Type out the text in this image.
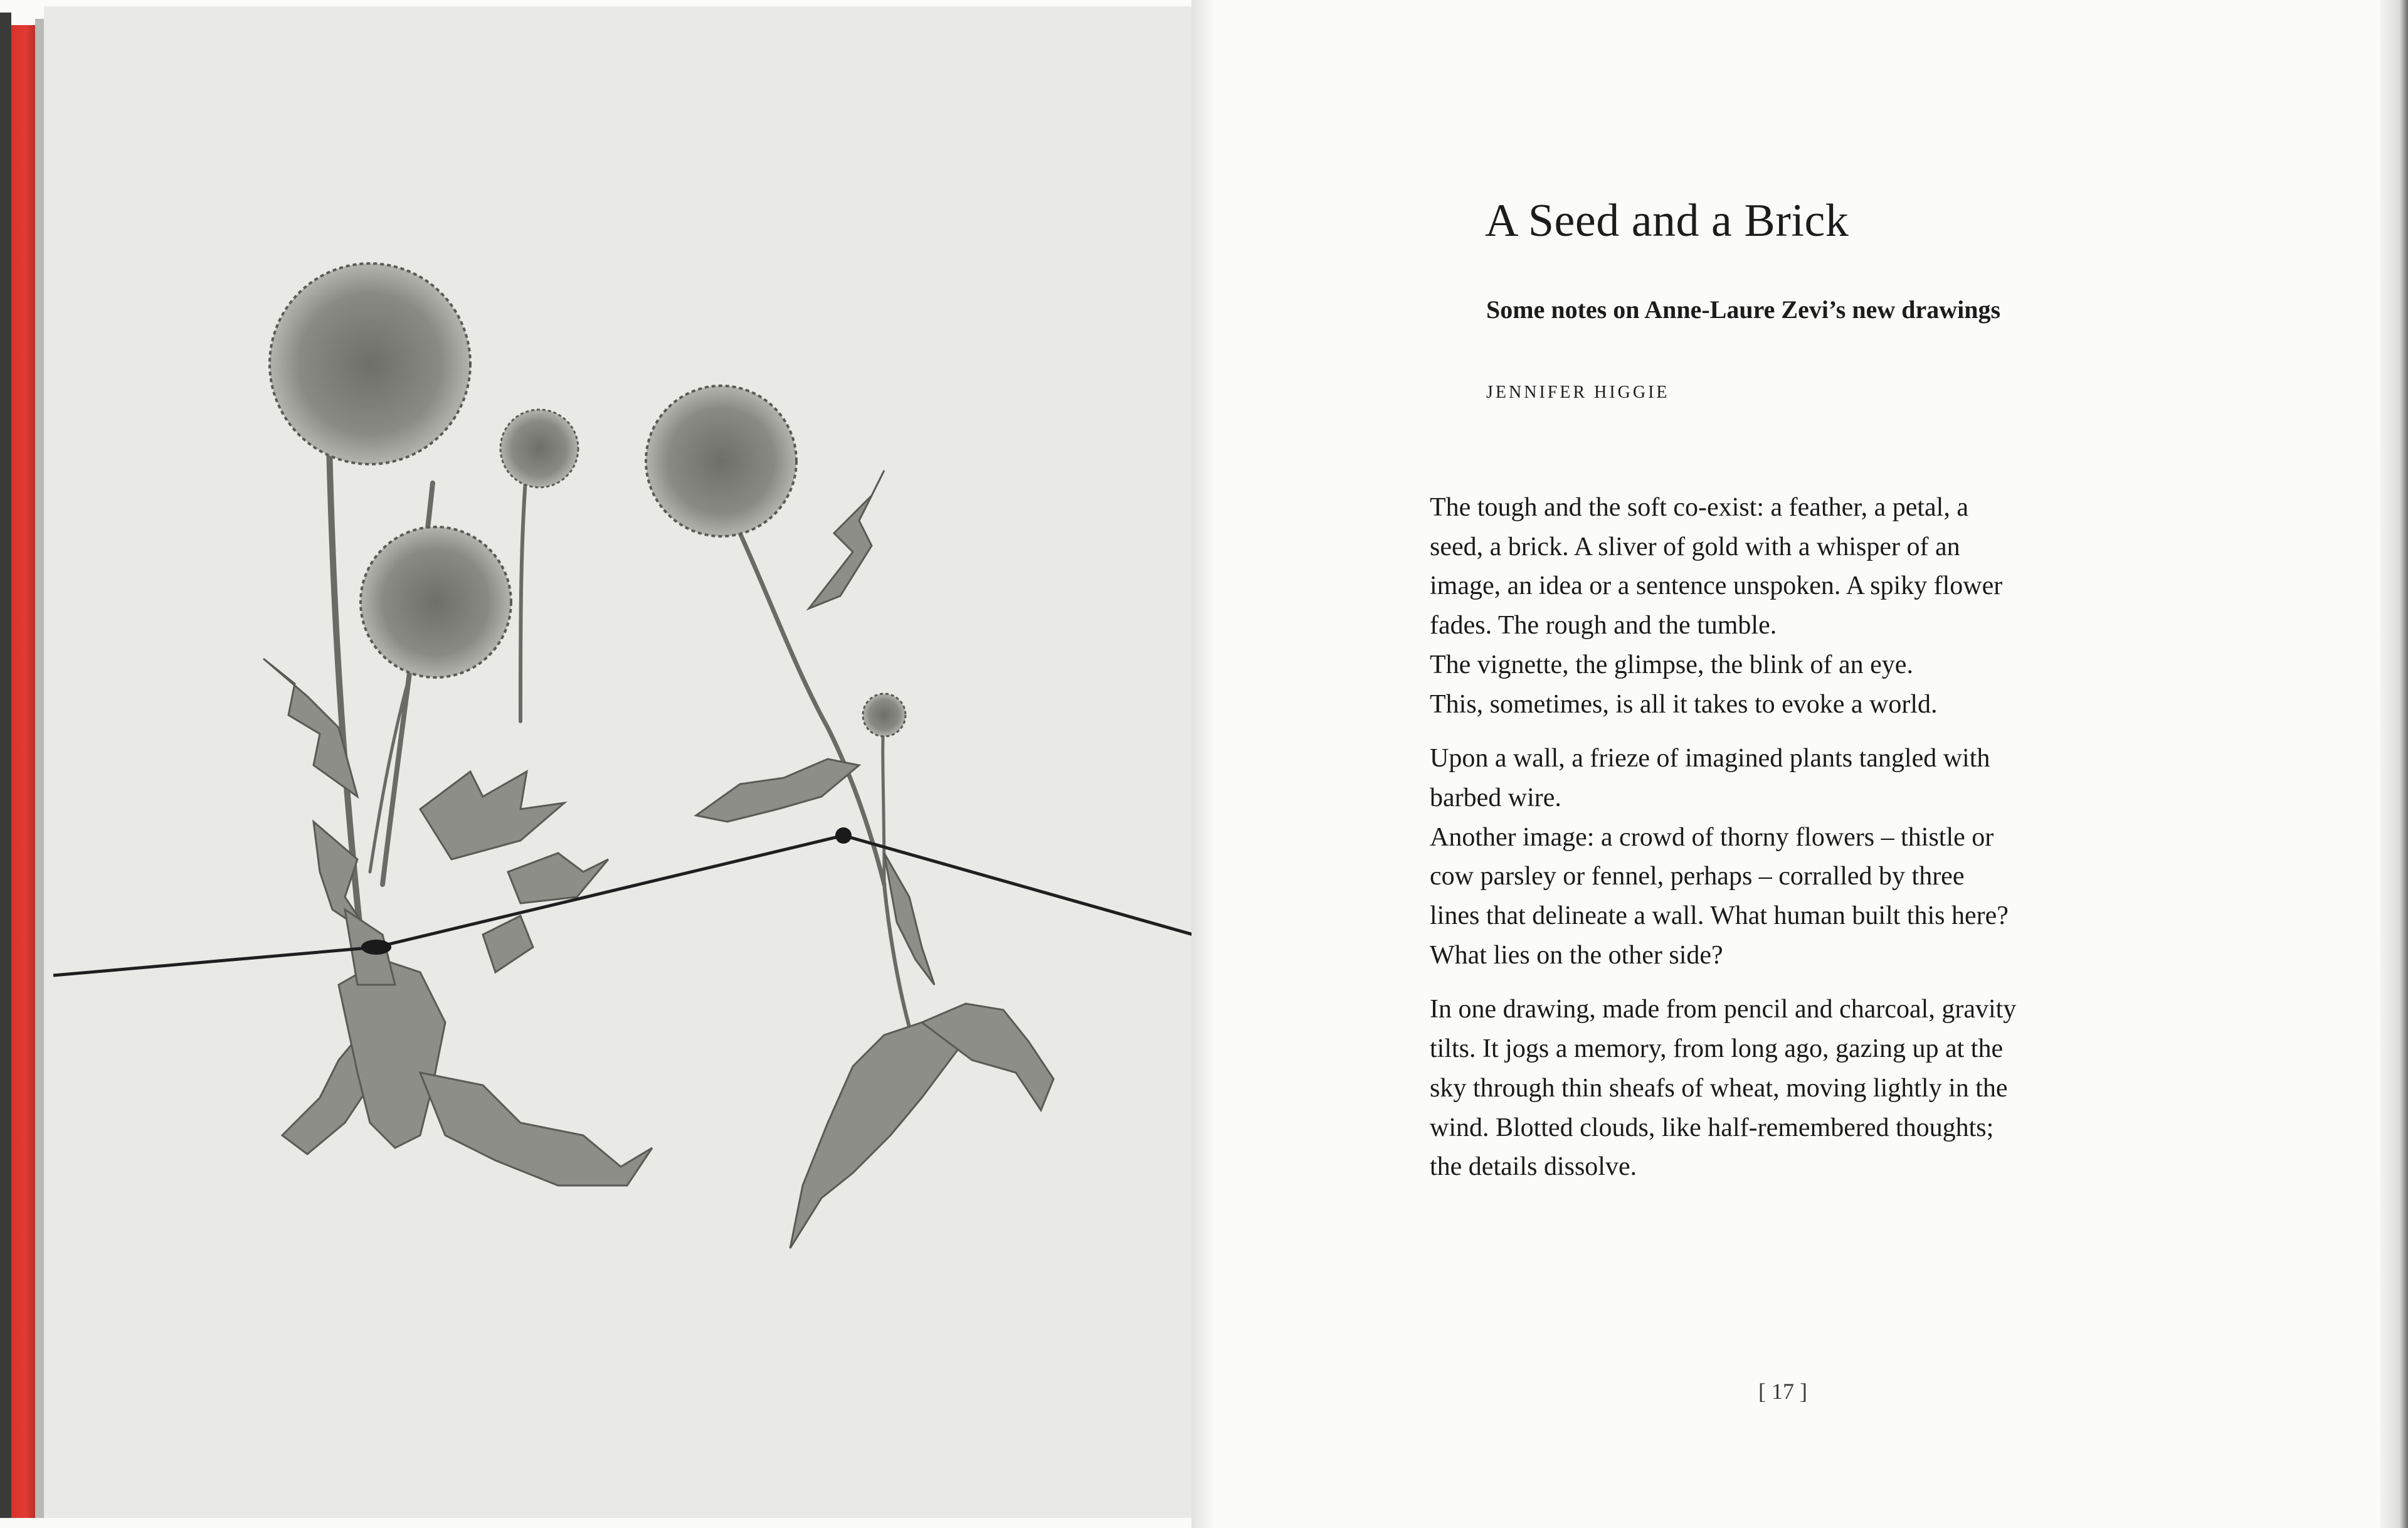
A Seed and a Brick
Some notes on Anne-Laure Zevi’s new drawings
JENNIFER HIGGIE

The tough and the soft co-exist: a feather, a petal, a
seed, a brick. A sliver of gold with a whisper of an
image, an idea or a sentence unspoken. A spiky flower
fades. The rough and the tumble.
The vignette, the glimpse, the blink of an eye.
This, sometimes, is all it takes to evoke a world.

Upon a wall, a frieze of imagined plants tangled with
barbed wire.
Another image: a crowd of thorny flowers – thistle or
cow parsley or fennel, perhaps – corralled by three
lines that delineate a wall. What human built this here?
What lies on the other side?

In one drawing, made from pencil and charcoal, gravity
tilts. It jogs a memory, from long ago, gazing up at the
sky through thin sheafs of wheat, moving lightly in the
wind. Blotted clouds, like half-remembered thoughts;
the details dissolve.

[ 17 ]
